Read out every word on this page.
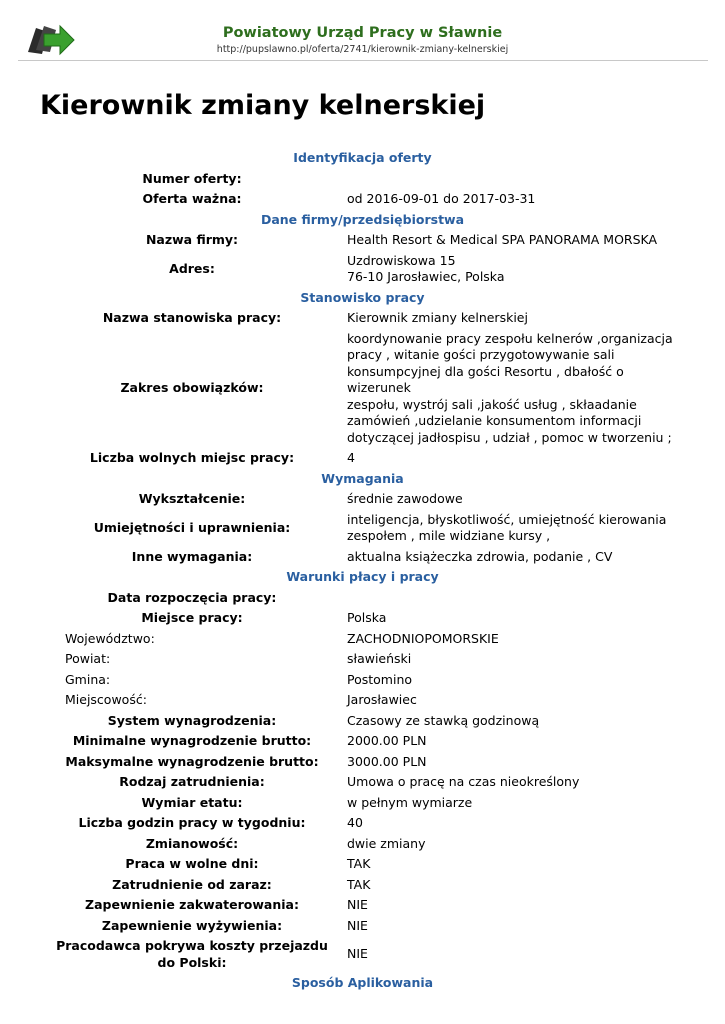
Powiatowy Urząd Pracy w Sławnie
http://pupslawno.pl/oferta/2741/kierownik-zmiany-kelnerskiej
Kierownik zmiany kelnerskiej
Identyfikacja oferty
Numer oferty:
Oferta ważna:	od 2016-09-01 do 2017-03-31
Dane firmy/przedsiębiorstwa
Nazwa firmy:	Health Resort & Medical SPA PANORAMA MORSKA
Adres:
Uzdrowiskowa 15
76-10 Jarosławiec, Polska
Stanowisko pracy
Nazwa stanowiska pracy:	Kierownik zmiany kelnerskiej
Zakres obowiązków:
koordynowanie pracy zespołu kelnerów ,organizacja
pracy , witanie gości przygotowywanie sali
konsumpcyjnej dla gości Resortu , dbałość o wizerunek
zespołu, wystrój sali ,jakość usług , skłaadanie
zamówień ,udzielanie konsumentom informacji
dotyczącej jadłospisu , udział , pomoc w tworzeniu ;
Liczba wolnych miejsc pracy:	4
Wymagania
Wykształcenie:	średnie zawodowe
Umiejętności i uprawnienia:
inteligencja, błyskotliwość, umiejętność kierowania
zespołem , mile widziane kursy ,
Inne wymagania:	aktualna książeczka zdrowia, podanie , CV
Warunki płacy i pracy
Data rozpoczęcia pracy:
Miejsce pracy:	Polska
Województwo:	ZACHODNIOPOMORSKIE
Powiat:	sławieński
Gmina:	Postomino
Miejscowość:	Jarosławiec
System wynagrodzenia:	Czasowy ze stawką godzinową
Minimalne wynagrodzenie brutto:	2000.00 PLN
Maksymalne wynagrodzenie brutto:	3000.00 PLN
Rodzaj zatrudnienia:	Umowa o pracę na czas nieokreślony
Wymiar etatu:	w pełnym wymiarze
Liczba godzin pracy w tygodniu:	40
Zmianowość:	dwie zmiany
Praca w wolne dni:	TAK
Zatrudnienie od zaraz:	TAK
Zapewnienie zakwaterowania:	NIE
Zapewnienie wyżywienia:	NIE
Pracodawca pokrywa koszty przejazdu do Polski:
NIE
Sposób Aplikowania
